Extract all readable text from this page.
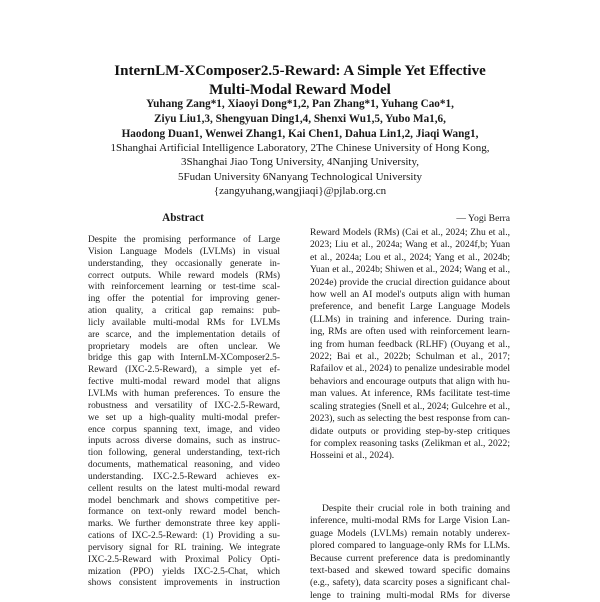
InternLM-XComposer2.5-Reward: A Simple Yet Effective
Multi-Modal Reward Model
Yuhang Zang*1, Xiaoyi Dong*1,2, Pan Zhang*1, Yuhang Cao*1,
Ziyu Liu1,3, Shengyuan Ding1,4, Shenxi Wu1,5, Yubo Ma1,6,
Haodong Duan1, Wenwei Zhang1, Kai Chen1, Dahua Lin1,2, Jiaqi Wang1,
1Shanghai Artificial Intelligence Laboratory, 2The Chinese University of Hong Kong,
3Shanghai Jiao Tong University, 4Nanjing University,
5Fudan University 6Nanyang Technological University
{zangyuhang,wangjiaqi}@pjlab.org.cn
Abstract
Despite the promising performance of Large
Vision Language Models (LVLMs) in visual
understanding, they occasionally generate in-
correct outputs. While reward models (RMs)
with reinforcement learning or test-time scal-
ing offer the potential for improving gener-
ation quality, a critical gap remains: pub-
licly available multi-modal RMs for LVLMs
are scarce, and the implementation details of
proprietary models are often unclear. We
bridge this gap with InternLM-XComposer2.5-
Reward (IXC-2.5-Reward), a simple yet ef-
fective multi-modal reward model that aligns
LVLMs with human preferences. To ensure the
robustness and versatility of IXC-2.5-Reward,
we set up a high-quality multi-modal prefer-
ence corpus spanning text, image, and video
inputs across diverse domains, such as instruc-
tion following, general understanding, text-rich
documents, mathematical reasoning, and video
understanding. IXC-2.5-Reward achieves ex-
cellent results on the latest multi-modal reward
model benchmark and shows competitive per-
formance on text-only reward model bench-
marks. We further demonstrate three key appli-
cations of IXC-2.5-Reward: (1) Providing a su-
pervisory signal for RL training. We integrate
IXC-2.5-Reward with Proximal Policy Opti-
mization (PPO) yields IXC-2.5-Chat, which
shows consistent improvements in instruction
— Yogi Berra
Reward Models (RMs) (Cai et al., 2024; Zhu et al.,
2023; Liu et al., 2024a; Wang et al., 2024f,b; Yuan
et al., 2024a; Lou et al., 2024; Yang et al., 2024b;
Yuan et al., 2024b; Shiwen et al., 2024; Wang et al.,
2024e) provide the crucial direction guidance about
how well an AI model's outputs align with human
preference, and benefit Large Language Models
(LLMs) in training and inference. During train-
ing, RMs are often used with reinforcement learn-
ing from human feedback (RLHF) (Ouyang et al.,
2022; Bai et al., 2022b; Schulman et al., 2017;
Rafailov et al., 2024) to penalize undesirable model
behaviors and encourage outputs that align with hu-
man values. At inference, RMs facilitate test-time
scaling strategies (Snell et al., 2024; Gulcehre et al.,
2023), such as selecting the best response from can-
didate outputs or providing step-by-step critiques
for complex reasoning tasks (Zelikman et al., 2022;
Hosseini et al., 2024).
Despite their crucial role in both training and
inference, multi-modal RMs for Large Vision Lan-
guage Models (LVLMs) remain notably underex-
plored compared to language-only RMs for LLMs.
Because current preference data is predominantly
text-based and skewed toward specific domains
(e.g., safety), data scarcity poses a significant chal-
lenge to training multi-modal RMs for diverse
